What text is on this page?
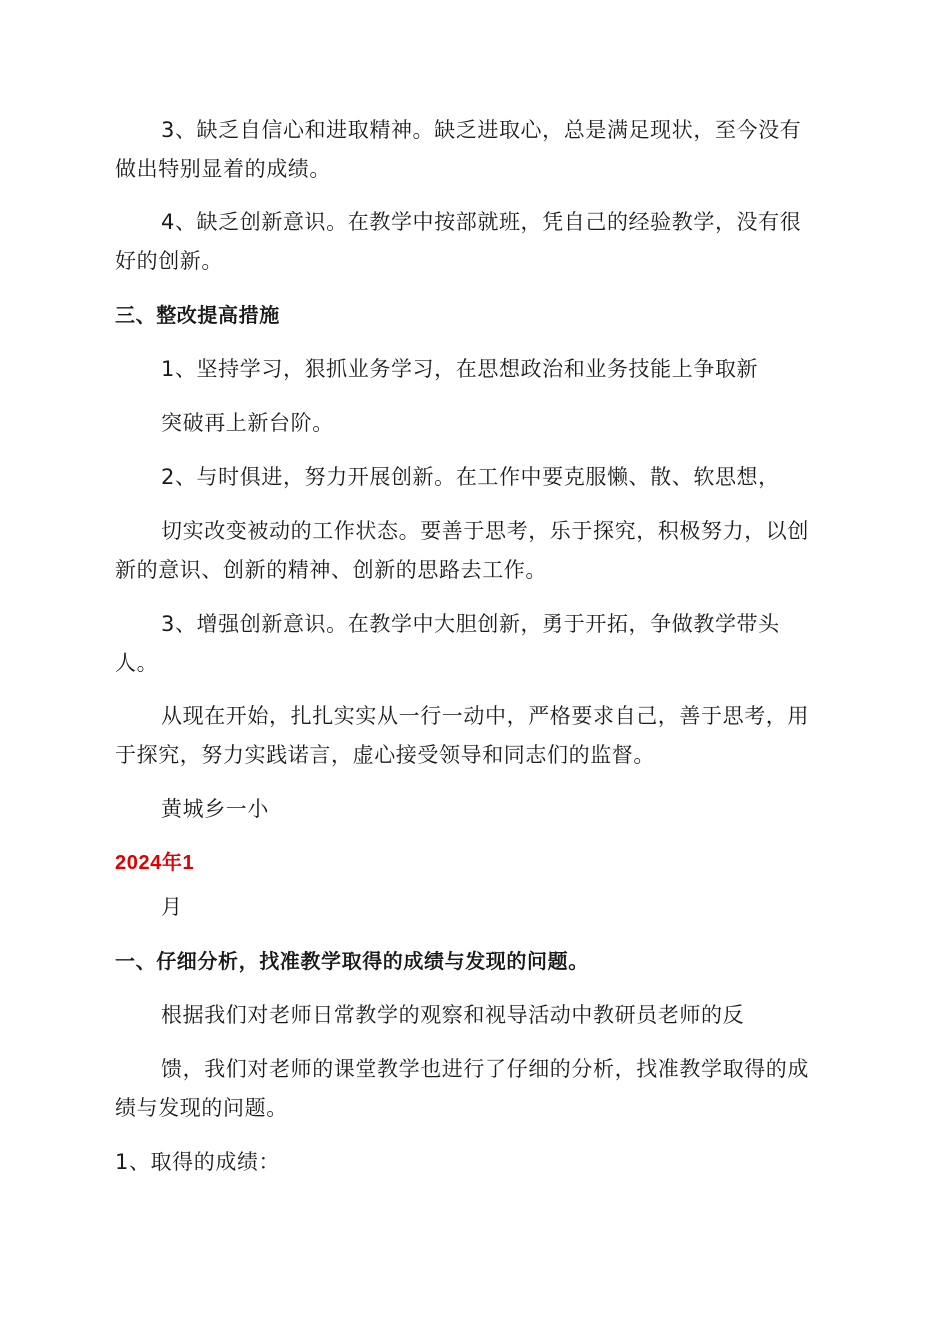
3、缺乏自信心和进取精神。缺乏进取心，总是满足现状，至今没有
做出特别显着的成绩。
4、缺乏创新意识。在教学中按部就班，凭自己的经验教学，没有很
好的创新。
三、整改提高措施
1、坚持学习，狠抓业务学习，在思想政治和业务技能上争取新
突破再上新台阶。
2、与时俱进，努力开展创新。在工作中要克服懒、散、软思想，
切实改变被动的工作状态。要善于思考，乐于探究，积极努力，以创
新的意识、创新的精神、创新的思路去工作。
3、增强创新意识。在教学中大胆创新，勇于开拓，争做教学带头
人。
从现在开始，扎扎实实从一行一动中，严格要求自己，善于思考，用
于探究，努力实践诺言，虚心接受领导和同志们的监督。
黄城乡一小
2024年1
月
一、仔细分析，找准教学取得的成绩与发现的问题。
根据我们对老师日常教学的观察和视导活动中教研员老师的反
馈，我们对老师的课堂教学也进行了仔细的分析，找准教学取得的成
绩与发现的问题。
1、取得的成绩：
